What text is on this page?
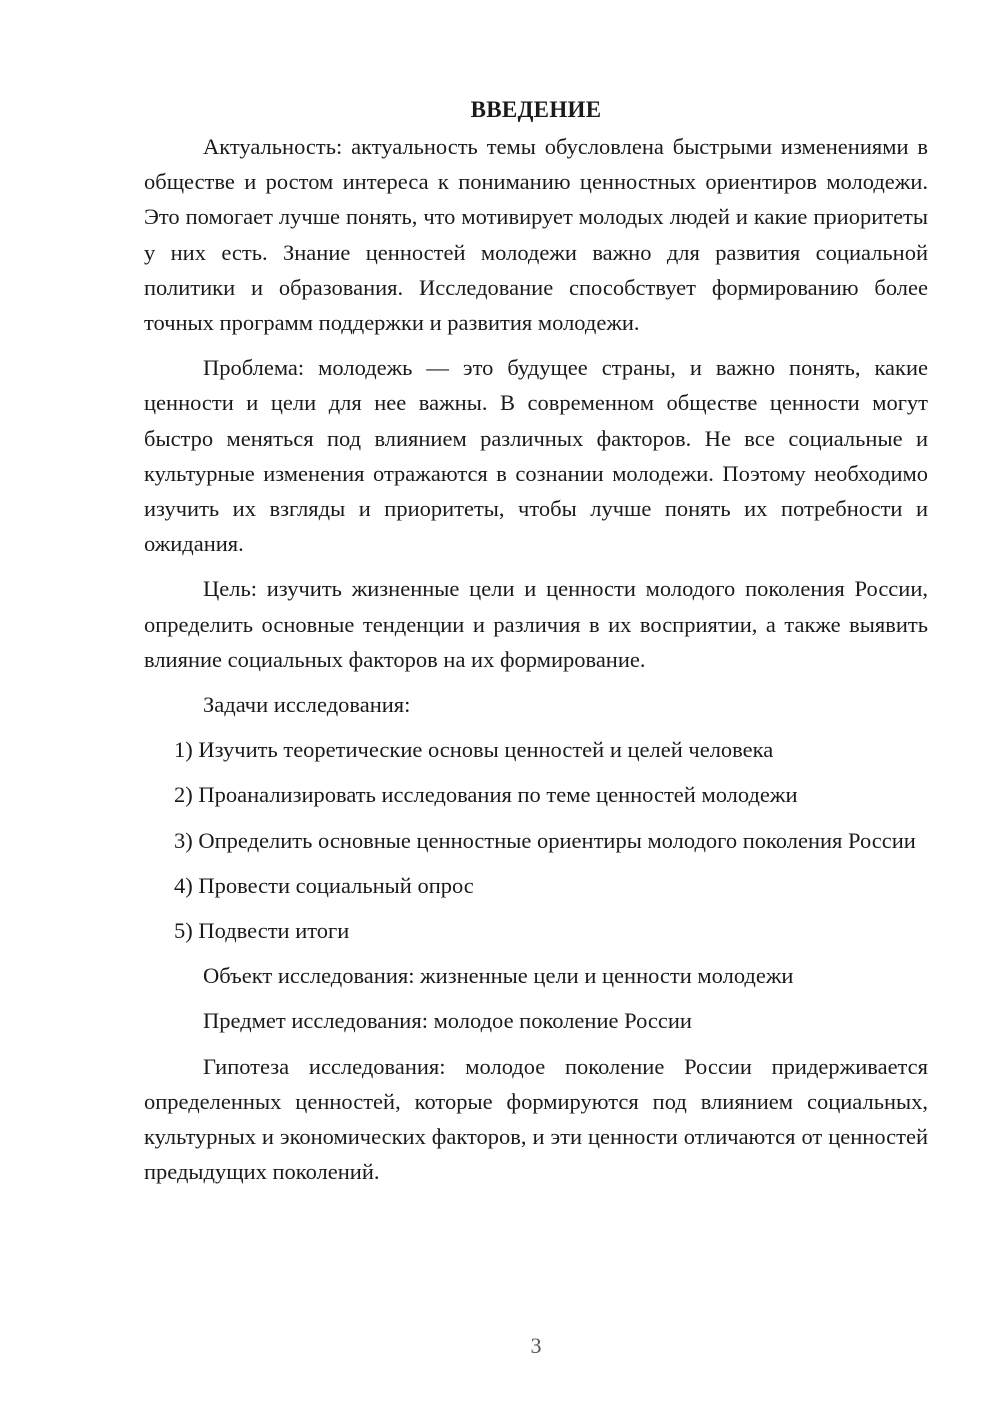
ВВЕДЕНИЕ

Актуальность: актуальность темы обусловлена быстрыми изменениями в обществе и ростом интереса к пониманию ценностных ориентиров молодежи. Это помогает лучше понять, что мотивирует молодых людей и какие приоритеты у них есть. Знание ценностей молодежи важно для развития социальной политики и образования. Исследование способствует формированию более точных программ поддержки и развития молодежи.

Проблема: молодежь — это будущее страны, и важно понять, какие ценности и цели для нее важны. В современном обществе ценности могут быстро меняться под влиянием различных факторов. Не все социальные и культурные изменения отражаются в сознании молодежи. Поэтому необходимо изучить их взгляды и приоритеты, чтобы лучше понять их потребности и ожидания.

Цель: изучить жизненные цели и ценности молодого поколения России, определить основные тенденции и различия в их восприятии, а также выявить влияние социальных факторов на их формирование.

Задачи исследования:

1) Изучить теоретические основы ценностей и целей человека

2) Проанализировать исследования по теме ценностей молодежи

3) Определить основные ценностные ориентиры молодого поколения России

4) Провести социальный опрос

5) Подвести итоги

Объект исследования: жизненные цели и ценности молодежи

Предмет исследования: молодое поколение России

Гипотеза исследования: молодое поколение России придерживается определенных ценностей, которые формируются под влиянием социальных, культурных и экономических факторов, и эти ценности отличаются от ценностей предыдущих поколений.

3
